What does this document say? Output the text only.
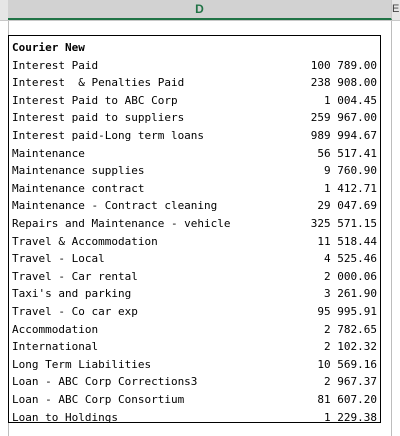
D	E

Courier New

Interest Paid	100 789.00
Interest  & Penalties Paid	238 908.00
Interest Paid to ABC Corp	1 004.45
Interest paid to suppliers	259 967.00
Interest paid-Long term loans	989 994.67
Maintenance	56 517.41
Maintenance supplies	9 760.90
Maintenance contract	1 412.71
Maintenance - Contract cleaning	29 047.69
Repairs and Maintenance - vehicle	325 571.15
Travel & Accommodation	11 518.44
Travel - Local	4 525.46
Travel - Car rental	2 000.06
Taxi's and parking	3 261.90
Travel - Co car exp	95 995.91
Accommodation	2 782.65
International	2 102.32
Long Term Liabilities	10 569.16
Loan - ABC Corp Corrections3	2 967.37
Loan - ABC Corp Consortium	81 607.20
Loan to Holdings	1 229.38
